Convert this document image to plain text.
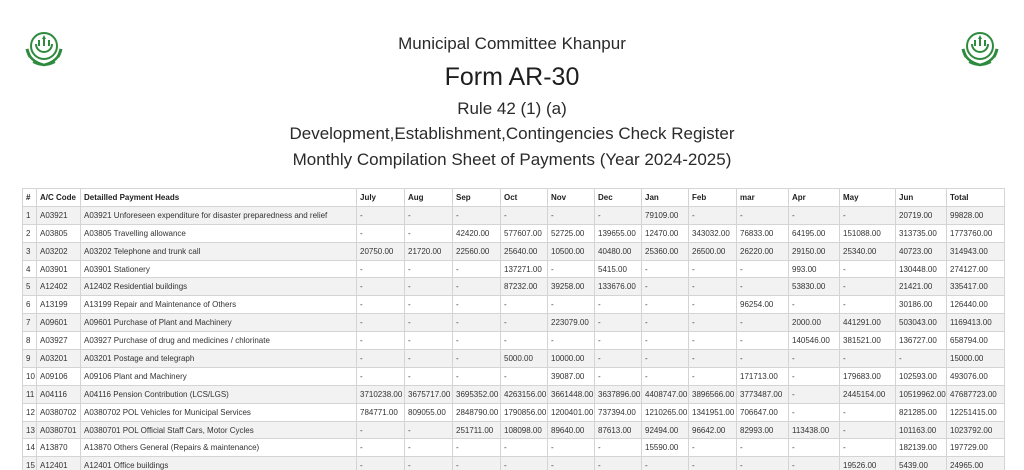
Municipal Committee Khanpur
Form AR-30
Rule 42 (1) (a)
Development,Establishment,Contingencies Check Register
Monthly Compilation Sheet of Payments (Year 2024-2025)
#	A/C Code	Detailled Payment Heads	July	Aug	Sep	Oct	Nov	Dec	Jan	Feb	mar	Apr	May	Jun	Total
1	A03921	A03921 Unforeseen expenditure for disaster preparedness and relief	-	-	-	-	-	-	79109.00	-	-	-	-	20719.00	99828.00
2	A03805	A03805 Travelling allowance	-	-	42420.00	577607.00	52725.00	139655.00	12470.00	343032.00	76833.00	64195.00	151088.00	313735.00	1773760.00
3	A03202	A03202 Telephone and trunk call	20750.00	21720.00	22560.00	25640.00	10500.00	40480.00	25360.00	26500.00	26220.00	29150.00	25340.00	40723.00	314943.00
4	A03901	A03901 Stationery	-	-	-	137271.00	-	5415.00	-	-	-	993.00	-	130448.00	274127.00
5	A12402	A12402 Residential buildings	-	-	-	87232.00	39258.00	133676.00	-	-	-	53830.00	-	21421.00	335417.00
6	A13199	A13199 Repair and Maintenance of Others	-	-	-	-	-	-	-	-	96254.00	-	-	30186.00	126440.00
7	A09601	A09601 Purchase of Plant and Machinery	-	-	-	-	223079.00	-	-	-	-	2000.00	441291.00	503043.00	1169413.00
8	A03927	A03927 Purchase of drug and medicines / chlorinate	-	-	-	-	-	-	-	-	-	140546.00	381521.00	136727.00	658794.00
9	A03201	A03201 Postage and telegraph	-	-	-	5000.00	10000.00	-	-	-	-	-	-	-	15000.00
10	A09106	A09106 Plant and Machinery	-	-	-	-	39087.00	-	-	-	171713.00	-	179683.00	102593.00	493076.00
11	A04116	A04116 Pension Contribution (LCS/LGS)	3710238.00	3675717.00	3695352.00	4263156.00	3661448.00	3637896.00	4408747.00	3896566.00	3773487.00	-	2445154.00	10519962.00	47687723.00
12	A0380702	A0380702 POL Vehicles for Municipal Services	784771.00	809055.00	2848790.00	1790856.00	1200401.00	737394.00	1210265.00	1341951.00	706647.00	-	-	821285.00	12251415.00
13	A0380701	A0380701 POL Official Staff Cars, Motor Cycles	-	-	251711.00	108098.00	89640.00	87613.00	92494.00	96642.00	82993.00	113438.00	-	101163.00	1023792.00
14	A13870	A13870 Others General (Repairs & maintenance)	-	-	-	-	-	-	15590.00	-	-	-	-	182139.00	197729.00
15	A12401	A12401 Office buildings	-	-	-	-	-	-	-	-	-	-	19526.00	5439.00	24965.00
